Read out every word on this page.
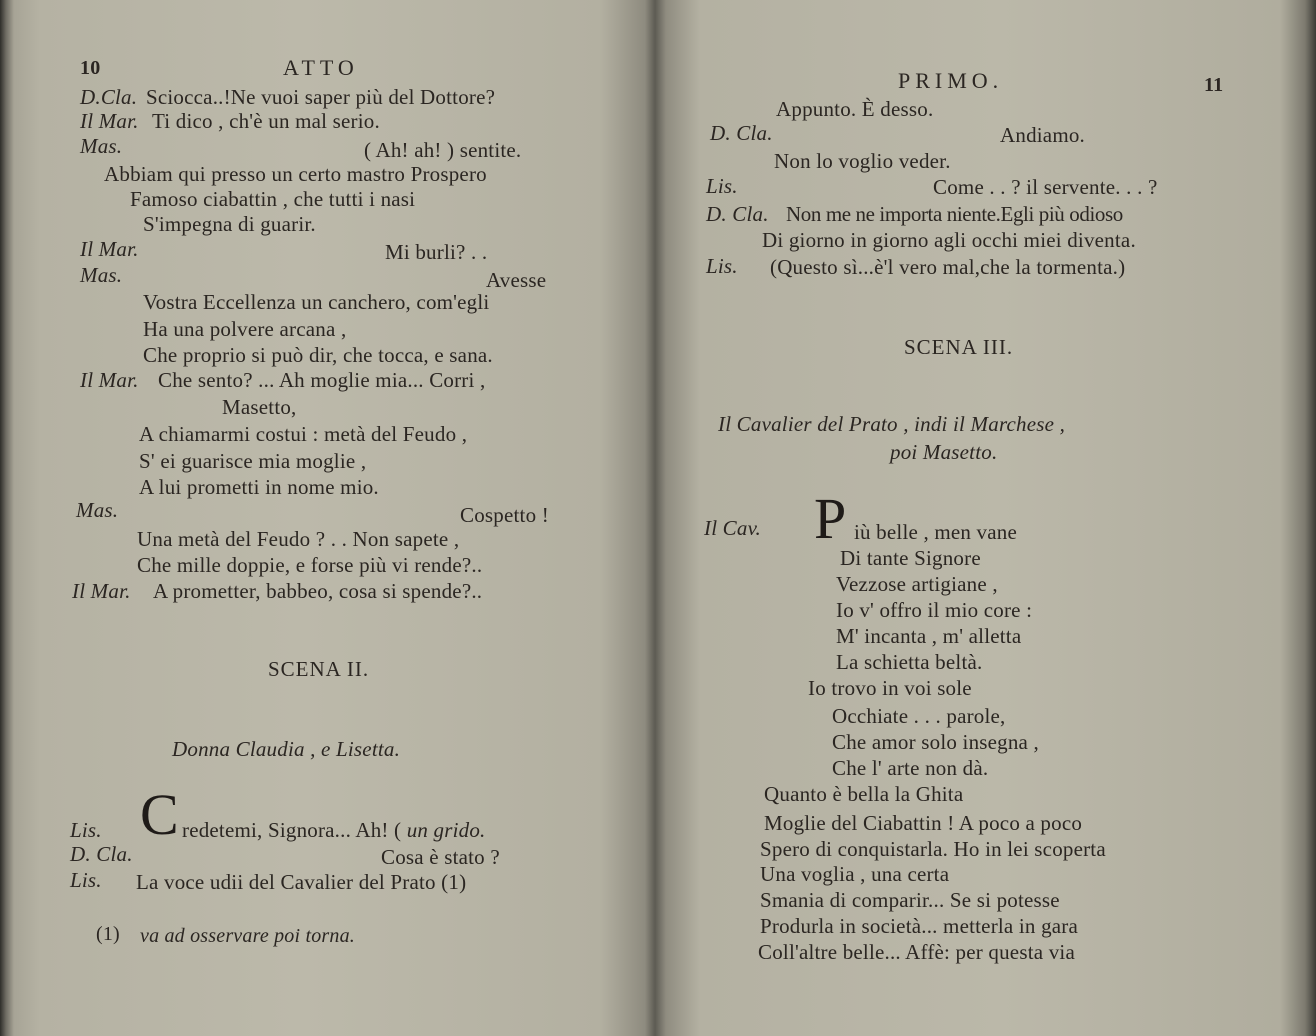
10	ATTO
D.Cla. Sciocca..!Ne vuoi saper più del Dottore?
Il Mar. Ti dico , ch'è un mal serio.
Mas.	( Ah! ah! ) sentite.
Abbiam qui presso un certo mastro Prospero
Famoso ciabattin , che tutti i nasi
S'impegna di guarir.
Il Mar.	Mi burli? . .
Mas.	Avesse
Vostra Eccellenza un canchero, com'egli
Ha una polvere arcana ,
Che proprio si può dir, che tocca, e sana.
Il Mar. Che sento? ... Ah moglie mia... Corri ,
Masetto,
A chiamarmi costui : metà del Feudo ,
S' ei guarisce mia moglie ,
A lui prometti in nome mio.
Mas.	Cospetto !
Una metà del Feudo ? . . Non sapete ,
Che mille doppie, e forse più vi rende?..
Il Mar. A prometter, babbeo, cosa si spende?..
SCENA II.
Donna Claudia , e Lisetta.
Lis. C redetemi, Signora... Ah! ( un grido.
D. Cla.	Cosa è stato ?
Lis. La voce udii del Cavalier del Prato (1)
(1) va ad osservare poi torna.
PRIMO.	11
Appunto. È desso.
D. Cla.	Andiamo.
Non lo voglio veder.
Lis.	Come . . ? il servente. . . ?
D. Cla. Non me ne importa niente.Egli più odioso
Di giorno in giorno agli occhi miei diventa.
Lis. (Questo sì...è'l vero mal,che la tormenta.)
SCENA III.
Il Cavalier del Prato , indi il Marchese ,
poi Masetto.
Il Cav. P iù belle , men vane
Di tante Signore
Vezzose artigiane ,
Io v' offro il mio core :
M' incanta , m' alletta
La schietta beltà.
Io trovo in voi sole
Occhiate . . . parole,
Che amor solo insegna ,
Che l' arte non dà.
Quanto è bella la Ghita
Moglie del Ciabattin ! A poco a poco
Spero di conquistarla. Ho in lei scoperta
Una voglia , una certa
Smania di comparir... Se si potesse
Produrla in società... metterla in gara
Coll'altre belle... Affè: per questa via
